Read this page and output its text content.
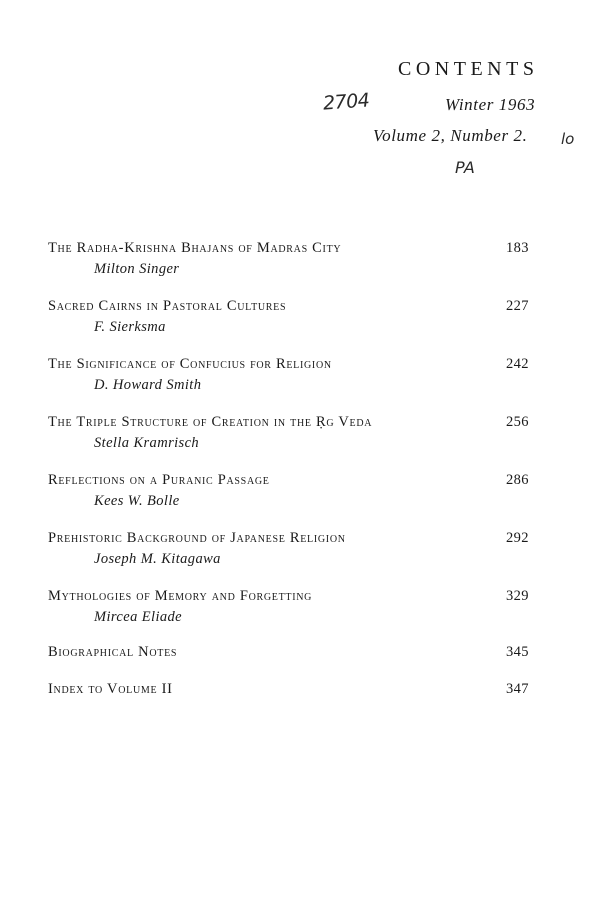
CONTENTS
2704	Winter 1963
Volume 2, Number 2. lo
PA
The Radha-Krishna Bhajans of Madras City	183
Milton Singer
Sacred Cairns in Pastoral Cultures	227
F. Sierksma
The Significance of Confucius for Religion	242
D. Howard Smith
The Triple Structure of Creation in the Ṛg Veda	256
Stella Kramrisch
Reflections on a Puranic Passage	286
Kees W. Bolle
Prehistoric Background of Japanese Religion	292
Joseph M. Kitagawa
Mythologies of Memory and Forgetting	329
Mircea Eliade
Biographical Notes	345
Index to Volume II	347
